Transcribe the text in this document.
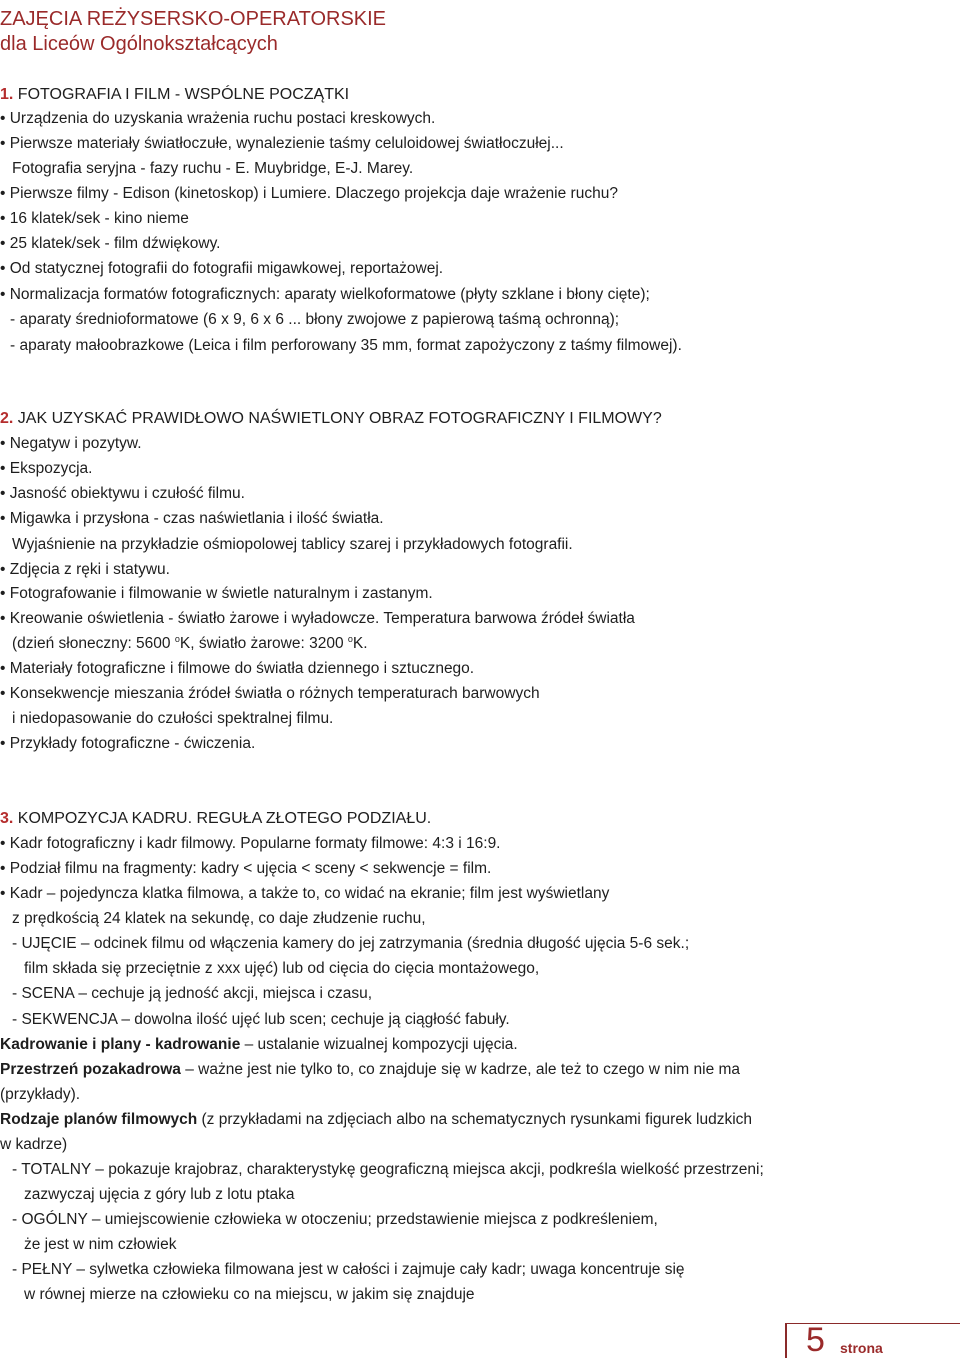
ZAJĘCIA REŻYSERSKO-OPERATORSKIE
dla Liceów Ogólnokształcących
1. FOTOGRAFIA I FILM - WSPÓLNE POCZĄTKI
• Urządzenia do uzyskania wrażenia ruchu postaci kreskowych.
• Pierwsze materiały światłoczułe, wynalezienie taśmy celuloidowej światłoczułej...
Fotografia seryjna - fazy ruchu - E. Muybridge, E-J. Marey.
• Pierwsze filmy - Edison (kinetoskop) i Lumiere. Dlaczego projekcja daje wrażenie ruchu?
• 16 klatek/sek - kino nieme
• 25 klatek/sek - film dźwiękowy.
• Od statycznej fotografii do fotografii migawkowej, reportażowej.
• Normalizacja formatów fotograficznych: aparaty wielkoformatowe (płyty szklane i błony cięte);
- aparaty średnioformatowe (6 x 9, 6 x 6 ... błony zwojowe z papierową taśmą ochronną);
- aparaty małoobrazkowe (Leica i film perforowany 35 mm, format zapożyczony z taśmy filmowej).
2. JAK UZYSKAĆ PRAWIDŁOWO NAŚWIETLONY OBRAZ FOTOGRAFICZNY I FILMOWY?
• Negatyw i pozytyw.
• Ekspozycja.
• Jasność obiektywu i czułość filmu.
• Migawka i przysłona - czas naświetlania i ilość światła.
Wyjaśnienie na przykładzie ośmiopolowej tablicy szarej i przykładowych fotografii.
• Zdjęcia z ręki i statywu.
• Fotografowanie i filmowanie w świetle naturalnym i zastanym.
• Kreowanie oświetlenia - światło żarowe i wyładowcze. Temperatura barwowa źródeł światła
(dzień słoneczny: 5600 $^o$K, światło żarowe: 3200 $^o$K.
• Materiały fotograficzne i filmowe do światła dziennego i sztucznego.
• Konsekwencje mieszania źródeł światła o różnych temperaturach barwowych
i niedopasowanie do czułości spektralnej filmu.
• Przykłady fotograficzne - ćwiczenia.
3. KOMPOZYCJA KADRU. REGUŁA ZŁOTEGO PODZIAŁU.
• Kadr fotograficzny i kadr filmowy. Popularne formaty filmowe: 4:3 i 16:9.
• Podział filmu na fragmenty: kadry < ujęcia < sceny < sekwencje = film.
• Kadr – pojedyncza klatka filmowa, a także to, co widać na ekranie; film jest wyświetlany
z prędkością 24 klatek na sekundę, co daje złudzenie ruchu,
- UJĘCIE – odcinek filmu od włączenia kamery do jej zatrzymania (średnia długość ujęcia 5-6 sek.;
film składa się przeciętnie z xxx ujęć) lub od cięcia do cięcia montażowego,
- SCENA – cechuje ją jedność akcji, miejsca i czasu,
- SEKWENCJA – dowolna ilość ujęć lub scen; cechuje ją ciągłość fabuły.
Kadrowanie i plany - kadrowanie – ustalanie wizualnej kompozycji ujęcia.
Przestrzeń pozakadrowa – ważne jest nie tylko to, co znajduje się w kadrze, ale też to czego w nim nie ma
(przykłady).
Rodzaje planów filmowych (z przykładami na zdjęciach albo na schematycznych rysunkami figurek ludzkich
w kadrze)
- TOTALNY – pokazuje krajobraz, charakterystykę geograficzną miejsca akcji, podkreśla wielkość przestrzeni;
zazwyczaj ujęcia z góry lub z lotu ptaka
- OGÓLNY – umiejscowienie człowieka w otoczeniu; przedstawienie miejsca z podkreśleniem,
że jest w nim człowiek
- PEŁNY – sylwetka człowieka filmowana jest w całości i zajmuje cały kadr; uwaga koncentruje się
w równej mierze na człowieku co na miejscu, w jakim się znajduje
5 strona
